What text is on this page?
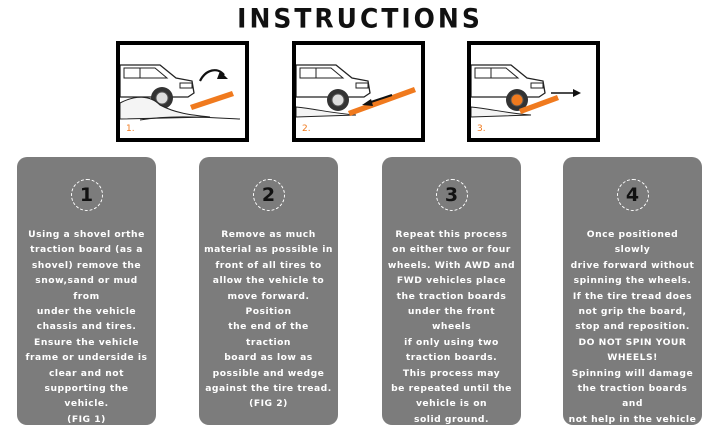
INSTRUCTIONS
1.	2.	3.
1
Using a shovel orthe
traction board (as a
shovel) remove the
snow,sand or mud from
under the vehicle
chassis and tires.
Ensure the vehicle
frame or underside is
clear and not
supporting the vehicle.
(FIG 1)
2
Remove as much
material as possible in
front of all tires to
allow the vehicle to
move forward. Position
the end of the traction
board as low as
possible and wedge
against the tire tread.
(FIG 2)
3
Repeat this process
on either two or four
wheels. With AWD and
FWD vehicles place
the traction boards
under the front wheels
if only using two
traction boards.
This process may
be repeated until the
vehicle is on
solid ground.
4
Once positioned slowly
drive forward without
spinning the wheels.
If the tire tread does
not grip the board,
stop and reposition.
DO NOT SPIN YOUR
WHEELS!
Spinning will damage
the traction boards and
not help in the vehicle
recovery. (FIG 3)
